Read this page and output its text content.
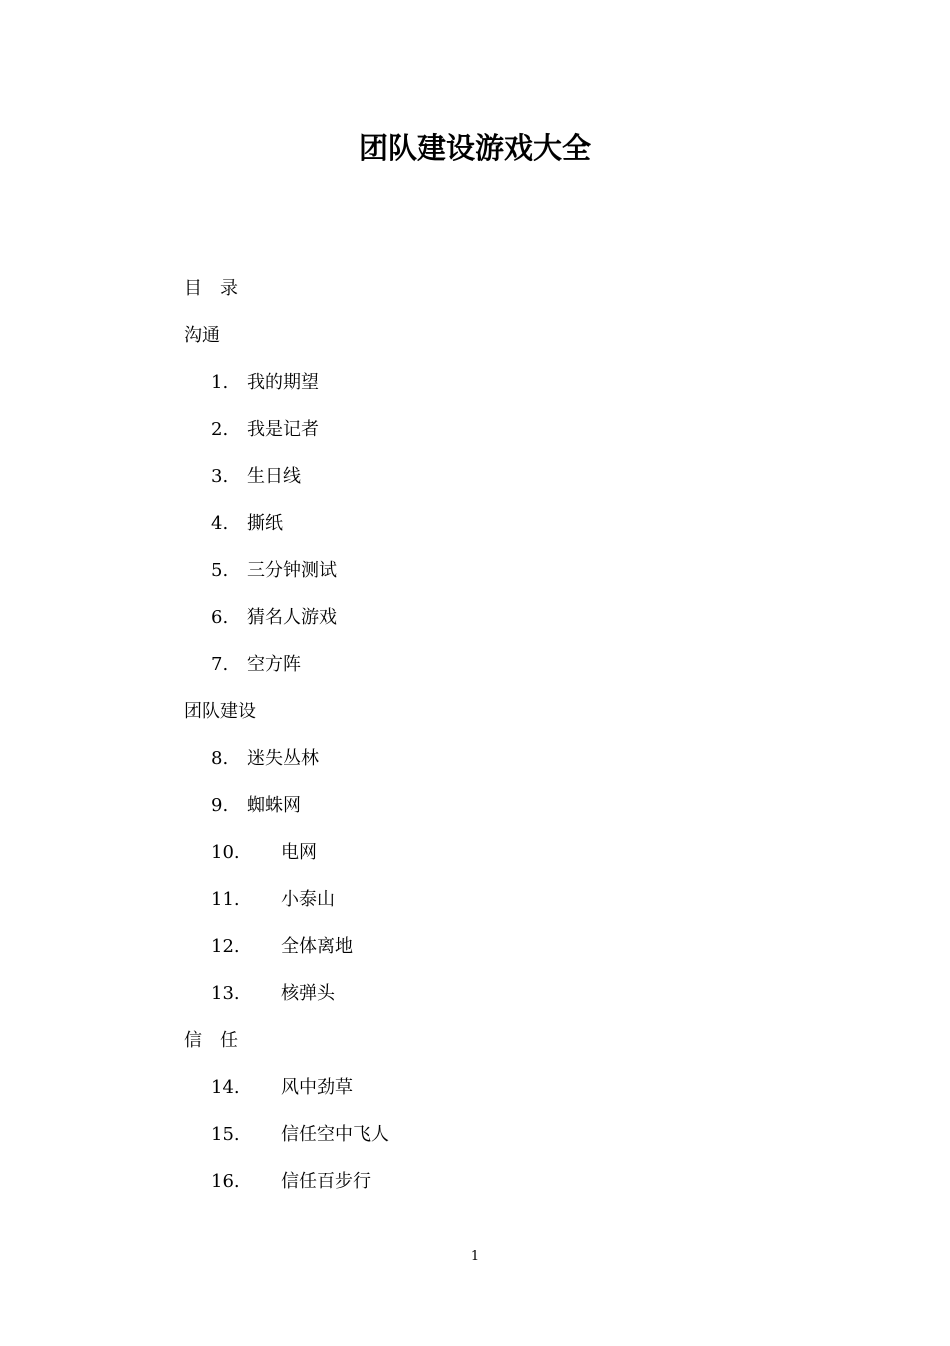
团队建设游戏大全
目　录
沟通
1. 我的期望
2. 我是记者
3. 生日线
4. 撕纸
5. 三分钟测试
6. 猜名人游戏
7. 空方阵
团队建设
8. 迷失丛林
9. 蜘蛛网
10. 电网
11. 小泰山
12. 全体离地
13. 核弹头
信　任
14. 风中劲草
15. 信任空中飞人
16. 信任百步行
1
